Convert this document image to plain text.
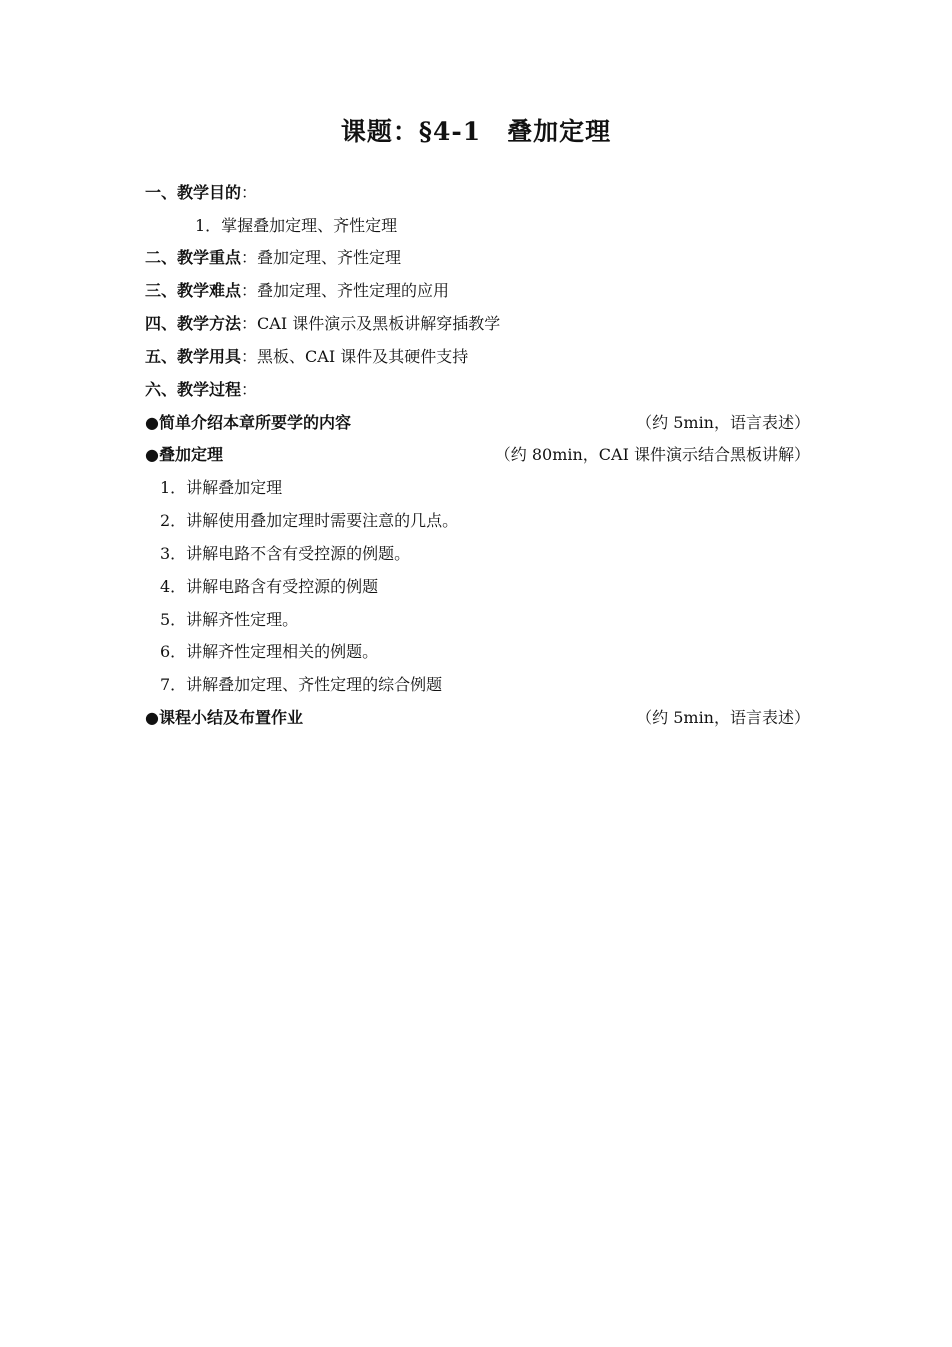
课题：§4-1　叠加定理
一、教学目的：
1．掌握叠加定理、齐性定理
二、教学重点：叠加定理、齐性定理
三、教学难点：叠加定理、齐性定理的应用
四、教学方法：CAI 课件演示及黑板讲解穿插教学
五、教学用具：黑板、CAI 课件及其硬件支持
六、教学过程：
●简单介绍本章所要学的内容	（约 5min，语言表述）
●叠加定理	（约 80min，CAI 课件演示结合黑板讲解）
1．讲解叠加定理
2．讲解使用叠加定理时需要注意的几点。
3．讲解电路不含有受控源的例题。
4．讲解电路含有受控源的例题
5．讲解齐性定理。
6．讲解齐性定理相关的例题。
7．讲解叠加定理、齐性定理的综合例题
●课程小结及布置作业	（约 5min，语言表述）
